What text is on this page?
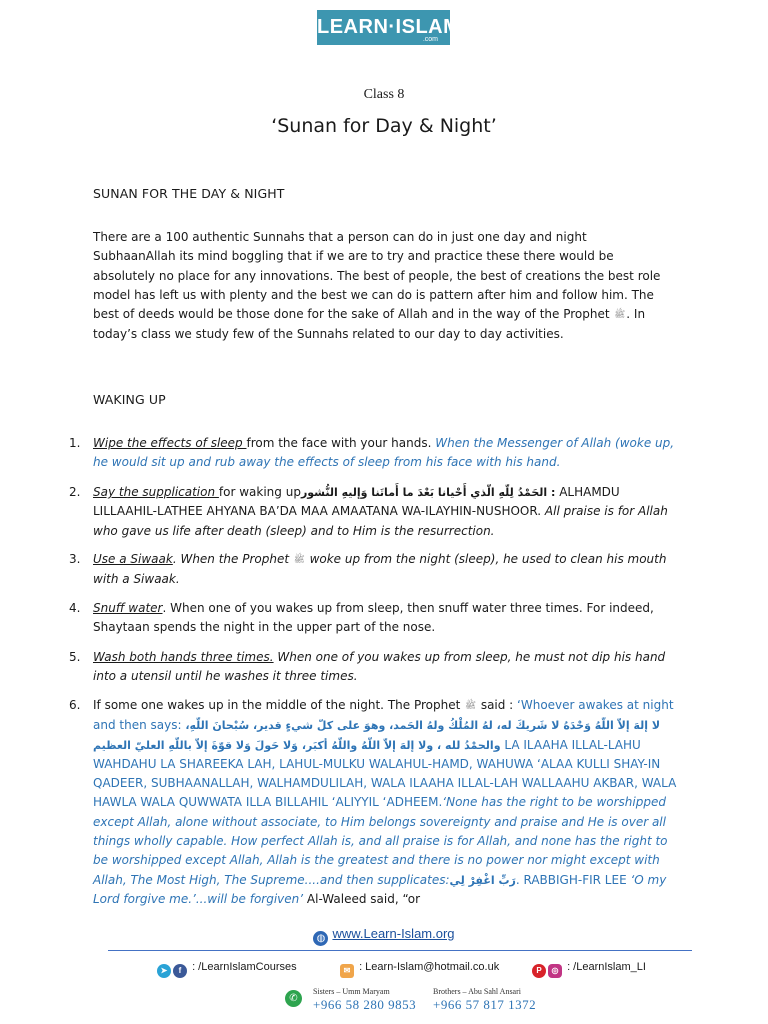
LEARN·ISLAM
.com
Class 8
‘Sunan for Day & Night’
SUNAN FOR THE DAY & NIGHT

There are a 100 authentic Sunnahs that a person can do in just one day and night SubhaanAllah its mind boggling that if we are to try and practice these there would be absolutely no place for any innovations. The best of people, the best of creations the best role model has left us with plenty and the best we can do is pattern after him and follow him. The best of deeds would be those done for the sake of Allah and in the way of the Prophet ﷺ. In today’s class we study few of the Sunnahs related to our day to day activities.

WAKING UP
1. Wipe the effects of sleep from the face with your hands. When the Messenger of Allah (woke up, he would sit up and rub away the effects of sleep from his face with his hand.
2. Say the supplication for waking up: الحَمْدُ لِلّهِ الّذي أَحْيانا بَعْدَ ما أَماتَنا وَإليهِ النُّشور ALHAMDU LILLAAHIL-LATHEE AHYANA BA’DA MAA AMAATANA WA-ILAYHIN-NUSHOOR. All praise is for Allah who gave us life after death (sleep) and to Him is the resurrection.
3. Use a Siwaak. When the Prophet ﷺ woke up from the night (sleep), he used to clean his mouth with a Siwaak.
4. Snuff water. When one of you wakes up from sleep, then snuff water three times. For indeed, Shaytaan spends the night in the upper part of the nose.
5. Wash both hands three times. When one of you wakes up from sleep, he must not dip his hand into a utensil until he washes it three times.
6. If some one wakes up in the middle of the night. The Prophet ﷺ said : ‘Whoever awakes at night and then says: لا إلهَ إلاّ اللّهُ وَحْدَهُ لا شَريكَ له، لهُ المُلْكُ ولهُ الحَمد، وهوَ على كلّ شيءٍ قدير، سُبْحانَ اللّهِ، والحمْدُ لله ، ولا إلهَ إلاّ اللّهُ واللّهُ أكبَر، وَلا حَولَ وَلا قوّةَ إلاّ باللّهِ العليّ العظيم LA ILAAHA ILLAL-LAHU WAHDAHU LA SHAREEKA LAH, LAHUL-MULKU WALAHUL-HAMD, WAHUWA ‘ALAA KULLI SHAY-IN QADEER, SUBHAANALLAH, WALHAMDULILAH, WALA ILAAHA ILLAL-LAH WALLAAHU AKBAR, WALA HAWLA WALA QUWWATA ILLA BILLAHIL ‘ALIYYIL ‘ADHEEM.‘None has the right to be worshipped except Allah, alone without associate, to Him belongs sovereignty and praise and He is over all things wholly capable. How perfect Allah is, and all praise is for Allah, and none has the right to be worshipped except Allah, Allah is the greatest and there is no power nor might except with Allah, The Most High, The Supreme....and then supplicates:رَبِّ اغْفِرْ لِي. RABBIGH-FIR LEE ‘O my Lord forgive me.’...will be forgiven’ Al-Waleed said, “or
◍ www.Learn-Islam.org
➤ f : /LearnIslamCourses	✉ : Learn-Islam@hotmail.co.uk	P ◎ : /LearnIslam_LI
✆
Sisters – Umm Maryam
+966 58 280 9853
Brothers – Abu Sahl Ansari
+966 57 817 1372
